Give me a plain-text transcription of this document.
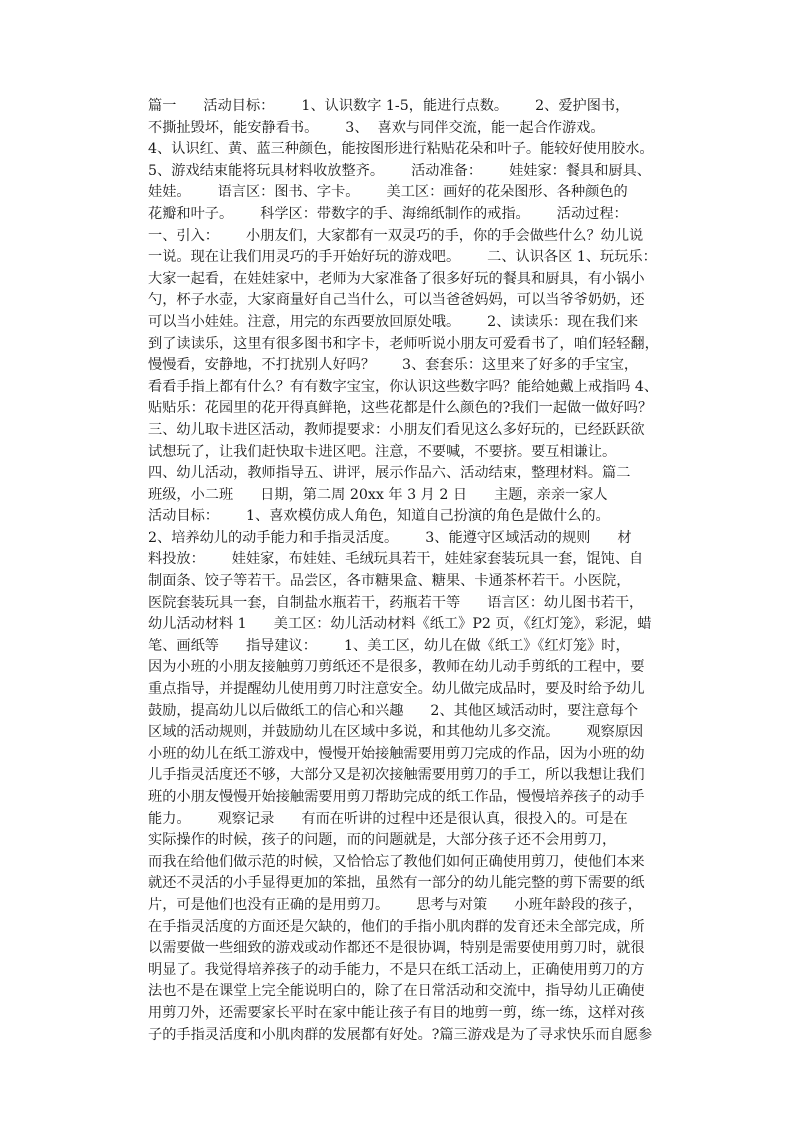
篇一      活动目标：      1、认识数字 1-5，能进行点数。      2、爱护图书，
不撕扯毁坏，能安静看书。      3、  喜欢与同伴交流，能一起合作游戏。
4、认识红、黄、蓝三种颜色，能按图形进行粘贴花朵和叶子。能较好使用胶水。
5、游戏结束能将玩具材料收放整齐。      活动准备：      娃娃家：餐具和厨具、
娃娃。      语言区：图书、字卡。      美工区：画好的花朵图形、各种颜色的
花瓣和叶子。      科学区：带数字的手、海绵纸制作的戒指。      活动过程：
一、引入：      小朋友们，大家都有一双灵巧的手，你的手会做些什么？幼儿说
一说。现在让我们用灵巧的手开始好玩的游戏吧。      二、认识各区 1、玩玩乐：
大家一起看，在娃娃家中，老师为大家准备了很多好玩的餐具和厨具，有小锅小
勺，杯子水壶，大家商量好自己当什么，可以当爸爸妈妈，可以当爷爷奶奶，还
可以当小娃娃。注意，用完的东西要放回原处哦。      2、读读乐：现在我们来
到了读读乐，这里有很多图书和字卡，老师听说小朋友可爱看书了，咱们轻轻翻，
慢慢看，安静地，不打扰别人好吗？      3、套套乐：这里来了好多的手宝宝，
看看手指上都有什么？有有数字宝宝，你认识这些数字吗？能给她戴上戒指吗 4、
贴贴乐：花园里的花开得真鲜艳，这些花都是什么颜色的?我们一起做一做好吗？
三、幼儿取卡进区活动，教师提要求：小朋友们看见这么多好玩的，已经跃跃欲
试想玩了，让我们赶快取卡进区吧。注意，不要喊，不要挤。要互相谦让。
四、幼儿活动，教师指导五、讲评，展示作品六、活动结束，整理材料。篇二
班级，小二班      日期，第二周 20xx 年 3 月 2 日      主题，亲亲一家人
活动目标：      1、喜欢模仿成人角色，知道自己扮演的角色是做什么的。
2、培养幼儿的动手能力和手指灵活度。      3、能遵守区域活动的规则      材
料投放：      娃娃家，布娃娃、毛绒玩具若干，娃娃家套装玩具一套，馄饨、自
制面条、饺子等若干。品尝区，各市糖果盒、糖果、卡通茶杯若干。小医院，
医院套装玩具一套，自制盐水瓶若干，药瓶若干等      语言区：幼儿图书若干，
幼儿活动材料 1      美工区：幼儿活动材料《纸工》P2 页，《红灯笼》，彩泥，蜡
笔、画纸等      指导建议：      1、美工区，幼儿在做《纸工》《红灯笼》时，
因为小班的小朋友接触剪刀剪纸还不是很多，教师在幼儿动手剪纸的工程中，要
重点指导，并提醒幼儿使用剪刀时注意安全。幼儿做完成品时，要及时给予幼儿
鼓励，提高幼儿以后做纸工的信心和兴趣      2、其他区域活动时，要注意每个
区域的活动规则，并鼓励幼儿在区域中多说，和其他幼儿多交流。      观察原因
小班的幼儿在纸工游戏中，慢慢开始接触需要用剪刀完成的作品，因为小班的幼
儿手指灵活度还不够，大部分又是初次接触需要用剪刀的手工，所以我想让我们
班的小朋友慢慢开始接触需要用剪刀帮助完成的纸工作品，慢慢培养孩子的动手
能力。      观察记录      有而在听讲的过程中还是很认真，很投入的。可是在
实际操作的时候，孩子的问题，而的问题就是，大部分孩子还不会用剪刀，
而我在给他们做示范的时候，又恰恰忘了教他们如何正确使用剪刀，使他们本来
就还不灵活的小手显得更加的笨拙，虽然有一部分的幼儿能完整的剪下需要的纸
片，可是他们也没有正确的是用剪刀。      思考与对策      小班年龄段的孩子，
在手指灵活度的方面还是欠缺的，他们的手指小肌肉群的发育还未全部完成，所
以需要做一些细致的游戏或动作都还不是很协调，特别是需要使用剪刀时，就很
明显了。我觉得培养孩子的动手能力，不是只在纸工活动上，正确使用剪刀的方
法也不是在课堂上完全能说明白的，除了在日常活动和交流中，指导幼儿正确使
用剪刀外，还需要家长平时在家中能让孩子有目的地剪一剪，练一练，这样对孩
子的手指灵活度和小肌肉群的发展都有好处。?篇三游戏是为了寻求快乐而自愿参
